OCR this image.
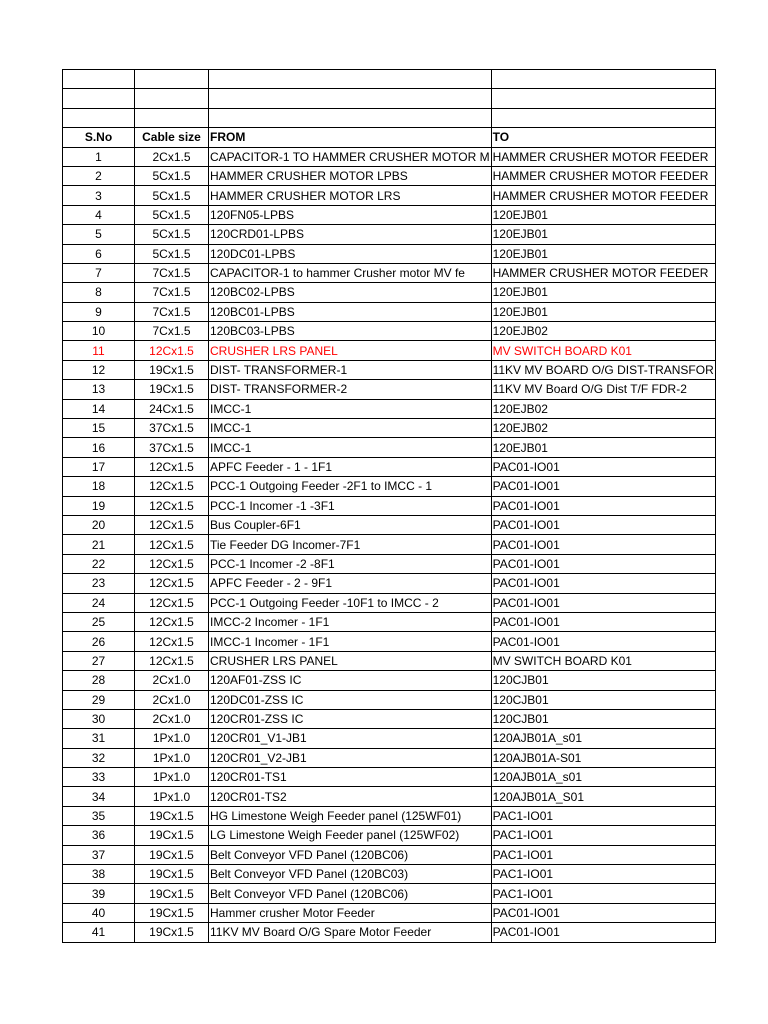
S.No	Cable size	FROM	TO
1	2Cx1.5	CAPACITOR-1 TO HAMMER CRUSHER MOTOR M	HAMMER CRUSHER MOTOR FEEDER
2	5Cx1.5	HAMMER CRUSHER MOTOR LPBS	HAMMER CRUSHER MOTOR FEEDER
3	5Cx1.5	HAMMER CRUSHER MOTOR LRS	HAMMER CRUSHER MOTOR FEEDER
4	5Cx1.5	120FN05-LPBS	120EJB01
5	5Cx1.5	120CRD01-LPBS	120EJB01
6	5Cx1.5	120DC01-LPBS	120EJB01
7	7Cx1.5	CAPACITOR-1 to hammer Crusher motor MV fe	HAMMER CRUSHER MOTOR FEEDER
8	7Cx1.5	120BC02-LPBS	120EJB01
9	7Cx1.5	120BC01-LPBS	120EJB01
10	7Cx1.5	120BC03-LPBS	120EJB02
11	12Cx1.5	CRUSHER LRS PANEL	MV SWITCH BOARD K01
12	19Cx1.5	DIST- TRANSFORMER-1	11KV MV BOARD O/G DIST-TRANSFOR
13	19Cx1.5	DIST- TRANSFORMER-2	11KV MV Board O/G Dist T/F FDR-2
14	24Cx1.5	IMCC-1	120EJB02
15	37Cx1.5	IMCC-1	120EJB02
16	37Cx1.5	IMCC-1	120EJB01
17	12Cx1.5	APFC Feeder - 1 - 1F1	PAC01-IO01
18	12Cx1.5	PCC-1 Outgoing Feeder -2F1 to IMCC - 1	PAC01-IO01
19	12Cx1.5	PCC-1 Incomer -1 -3F1	PAC01-IO01
20	12Cx1.5	Bus Coupler-6F1	PAC01-IO01
21	12Cx1.5	Tie Feeder DG Incomer-7F1	PAC01-IO01
22	12Cx1.5	PCC-1 Incomer -2 -8F1	PAC01-IO01
23	12Cx1.5	APFC Feeder - 2 - 9F1	PAC01-IO01
24	12Cx1.5	PCC-1 Outgoing Feeder -10F1 to IMCC - 2	PAC01-IO01
25	12Cx1.5	IMCC-2 Incomer - 1F1	PAC01-IO01
26	12Cx1.5	IMCC-1 Incomer - 1F1	PAC01-IO01
27	12Cx1.5	CRUSHER LRS PANEL	MV SWITCH BOARD K01
28	2Cx1.0	120AF01-ZSS IC	120CJB01
29	2Cx1.0	120DC01-ZSS IC	120CJB01
30	2Cx1.0	120CR01-ZSS IC	120CJB01
31	1Px1.0	120CR01_V1-JB1	120AJB01A_s01
32	1Px1.0	120CR01_V2-JB1	120AJB01A-S01
33	1Px1.0	120CR01-TS1	120AJB01A_s01
34	1Px1.0	120CR01-TS2	120AJB01A_S01
35	19Cx1.5	HG Limestone Weigh Feeder panel (125WF01)	PAC1-IO01
36	19Cx1.5	LG Limestone Weigh Feeder panel (125WF02)	PAC1-IO01
37	19Cx1.5	Belt Conveyor VFD Panel (120BC06)	PAC1-IO01
38	19Cx1.5	Belt Conveyor VFD Panel (120BC03)	PAC1-IO01
39	19Cx1.5	Belt Conveyor VFD Panel (120BC06)	PAC1-IO01
40	19Cx1.5	Hammer crusher Motor Feeder	PAC01-IO01
41	19Cx1.5	11KV MV Board O/G Spare Motor Feeder	PAC01-IO01
